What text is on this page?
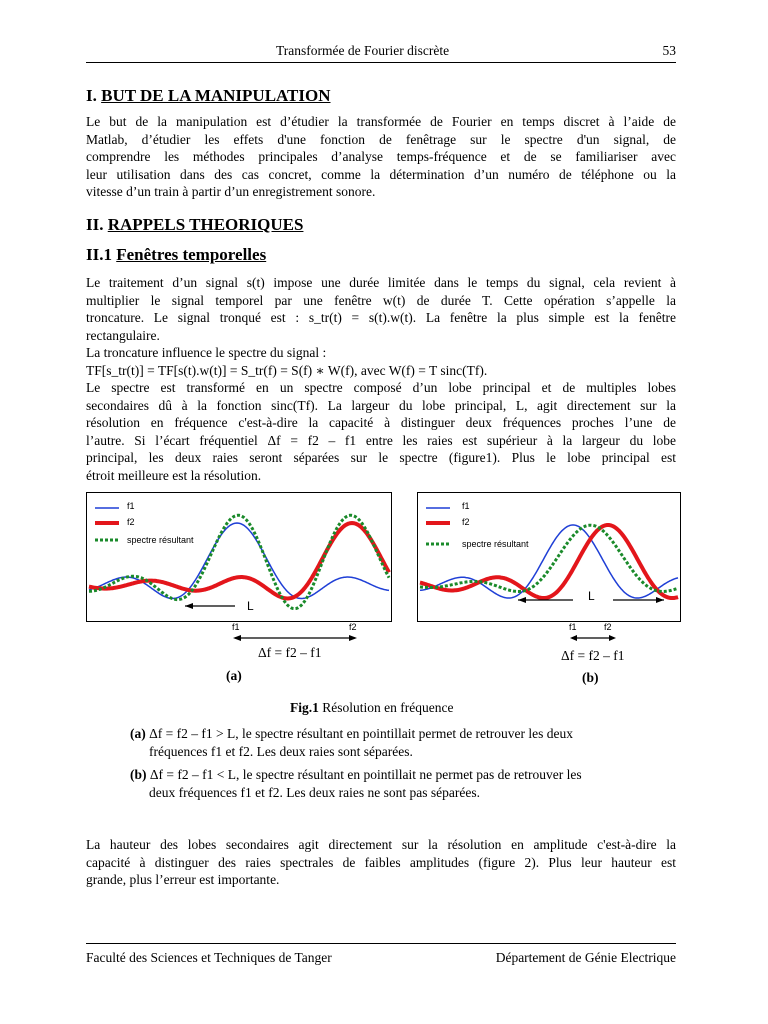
Transformée de Fourier discrète	53
I. BUT DE LA MANIPULATION
Le but de la manipulation est d’étudier la transformée de Fourier en temps discret à l’aide de
Matlab, d’étudier les effets d'une fonction de fenêtrage sur le spectre d'un signal, de
comprendre les méthodes principales d’analyse temps-fréquence et de se familiariser avec
leur utilisation dans des cas concret, comme la détermination d’un numéro de téléphone ou la
vitesse d’un train à partir d’un enregistrement sonore.
II. RAPPELS THEORIQUES
II.1 Fenêtres temporelles
Le traitement d’un signal s(t) impose une durée limitée dans le temps du signal, cela revient à
multiplier le signal temporel par une fenêtre w(t) de durée T. Cette opération s’appelle la
troncature. Le signal tronqué est : s_tr(t) = s(t).w(t). La fenêtre la plus simple est la fenêtre
rectangulaire.
La troncature influence le spectre du signal :
TF[s_tr(t)] = TF[s(t).w(t)] = S_tr(f) = S(f) ∗ W(f), avec W(f) = T sinc(Tf).
Le spectre est transformé en un spectre composé d’un lobe principal et de multiples lobes
secondaires dû à la fonction sinc(Tf). La largeur du lobe principal, L, agit directement sur la
résolution en fréquence c'est-à-dire la capacité à distinguer deux fréquences proches l’une de
l’autre. Si l’écart fréquentiel Δf = f2 – f1 entre les raies est supérieur à la largeur du lobe
principal, les deux raies seront séparées sur le spectre (figure1). Plus le lobe principal est
étroit meilleure est la résolution.
f1
f2
spectre résultant
L
f1	f2
Δf = f2 – f1
(a)
f1
f2
spectre résultant
L
f1	f2
Δf = f2 – f1
(b)
Fig.1 Résolution en fréquence
(a) Δf = f2 – f1 > L, le spectre résultant en pointillait permet de retrouver les deux
fréquences f1 et f2. Les deux raies sont séparées.
(b) Δf = f2 – f1 < L, le spectre résultant en pointillait ne permet pas de retrouver les
deux fréquences f1 et f2. Les deux raies ne sont pas séparées.
La hauteur des lobes secondaires agit directement sur la résolution en amplitude c'est-à-dire la
capacité à distinguer des raies spectrales de faibles amplitudes (figure 2). Plus leur hauteur est
grande, plus l’erreur est importante.
Faculté des Sciences et Techniques de Tanger	Département de Génie Electrique
